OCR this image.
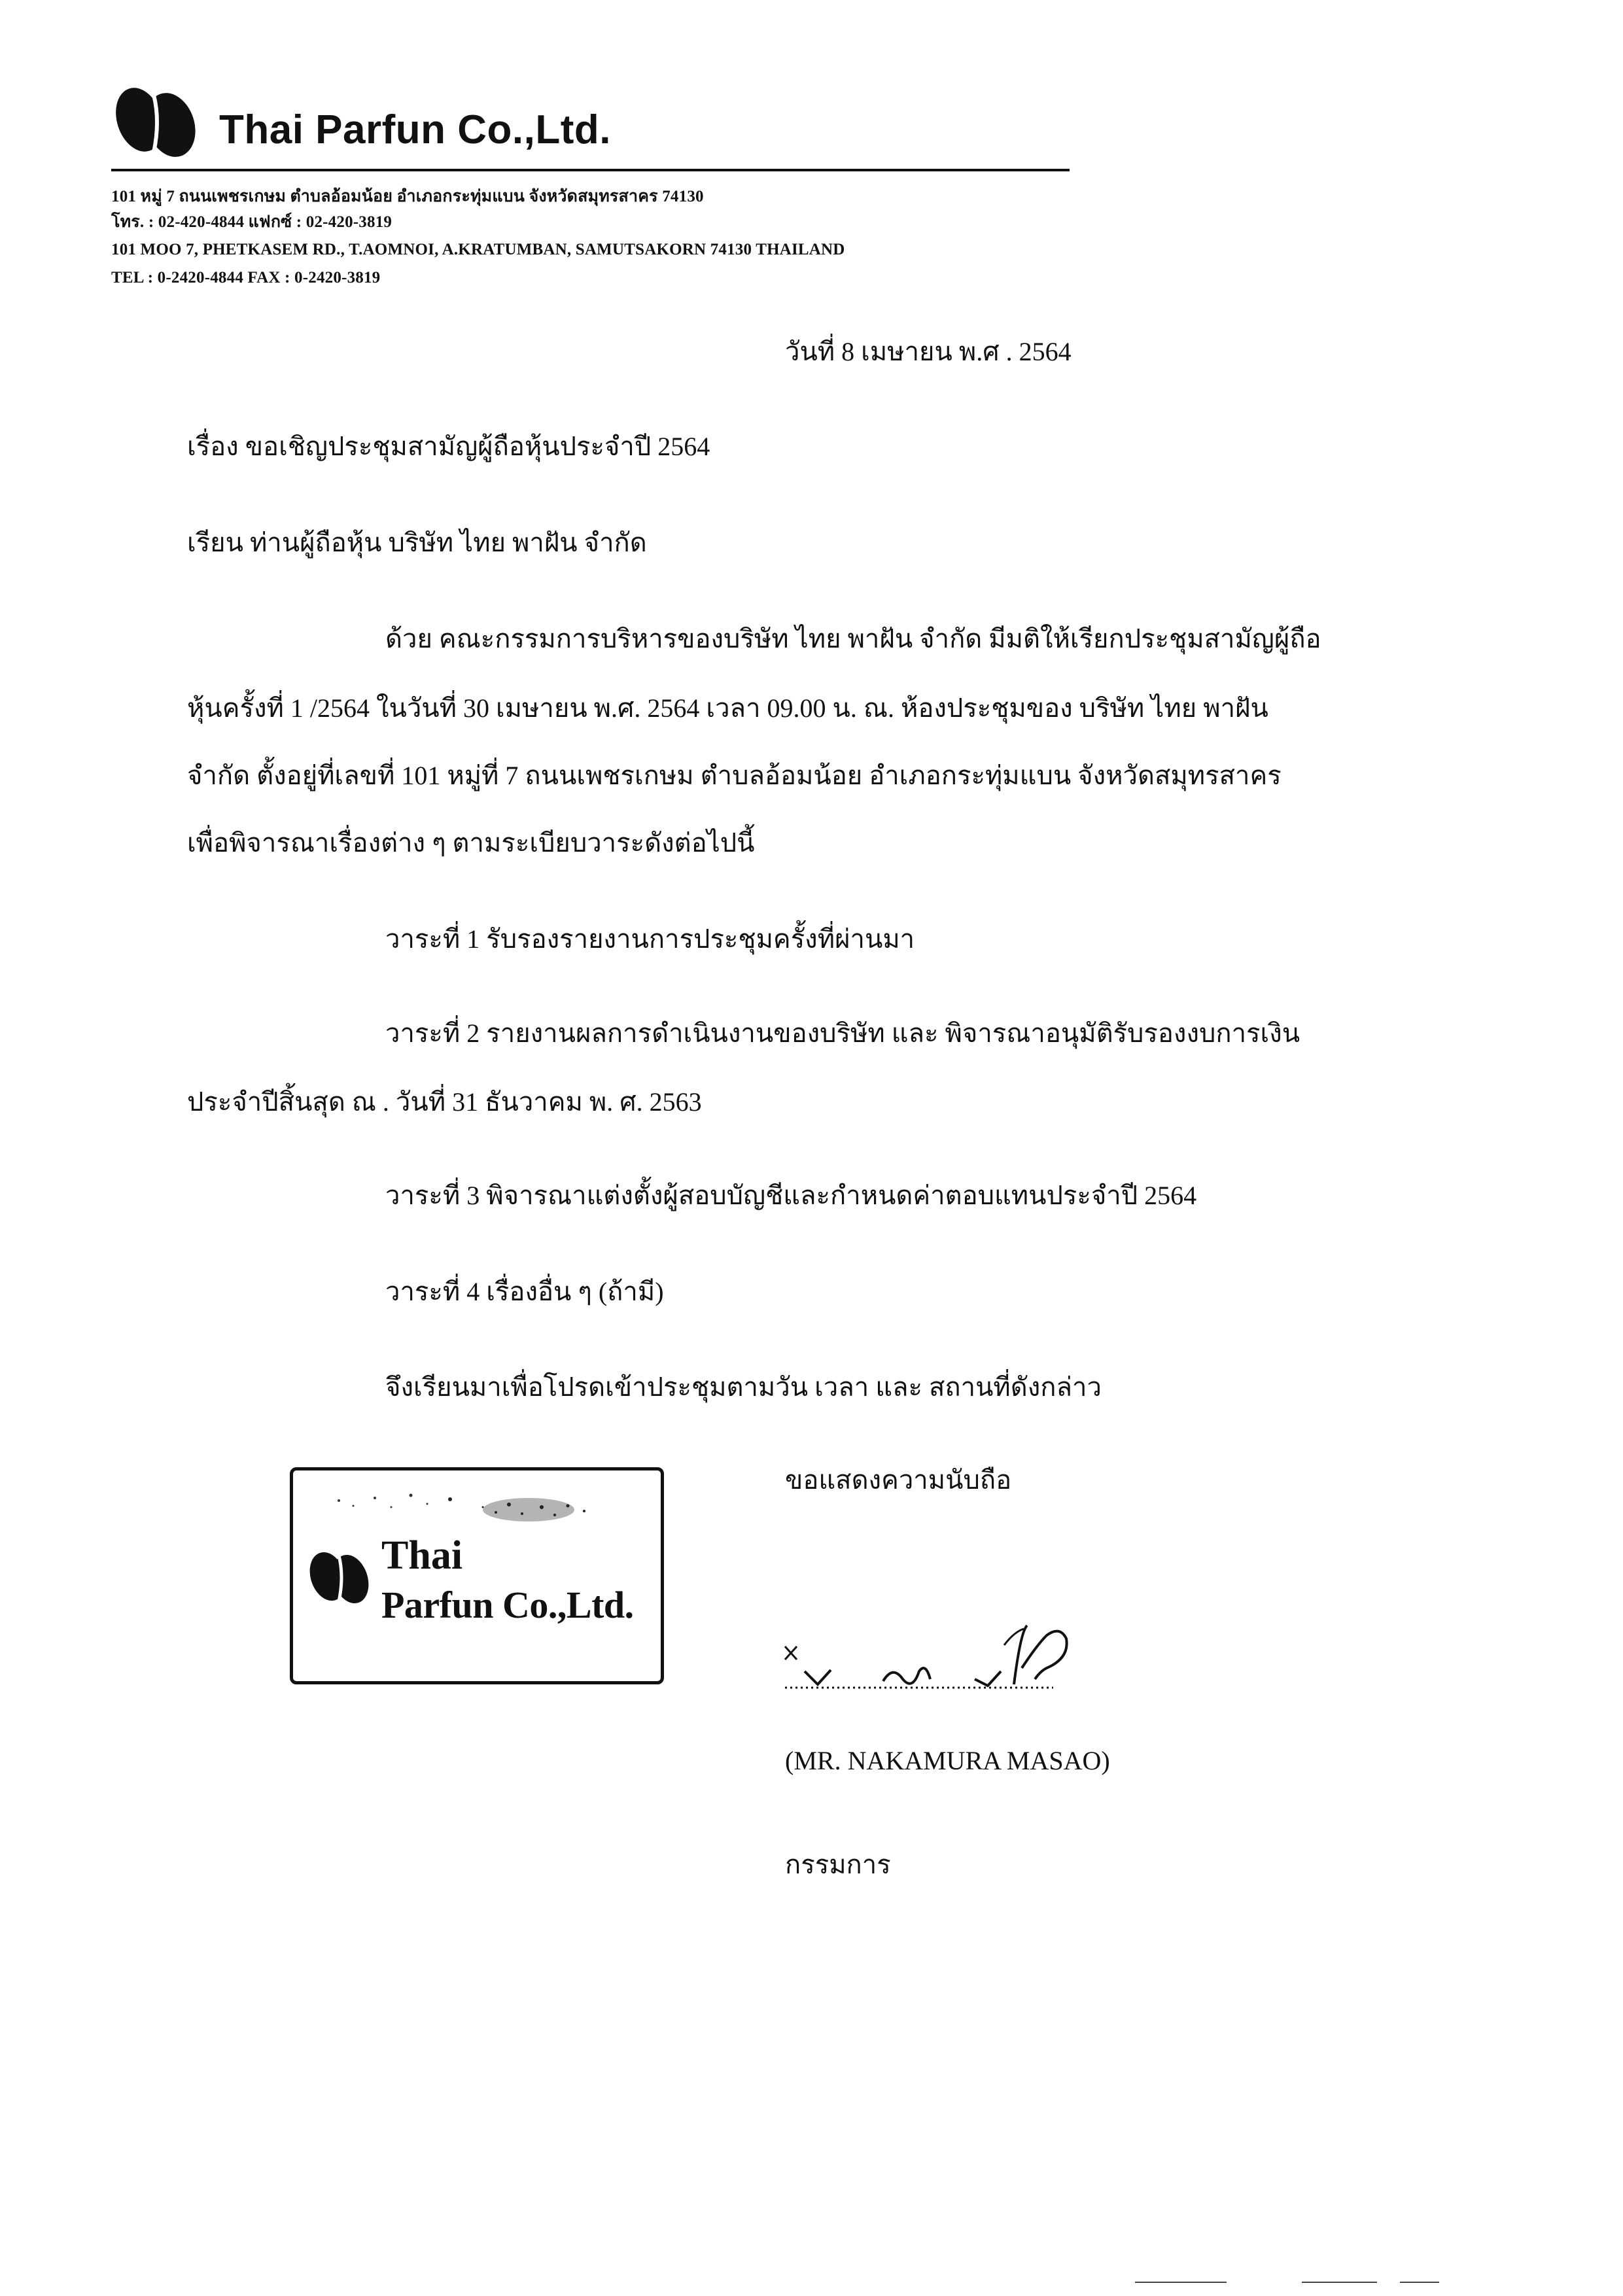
Thai Parfun Co.,Ltd.
101 หมู่ 7 ถนนเพชรเกษม ตำบลอ้อมน้อย อำเภอกระทุ่มแบน จังหวัดสมุทรสาคร 74130
โทร. : 02-420-4844 แฟกซ์ : 02-420-3819
101 MOO 7, PHETKASEM RD., T.AOMNOI, A.KRATUMBAN, SAMUTSAKORN 74130 THAILAND
TEL : 0-2420-4844 FAX : 0-2420-3819
วันที่ 8 เมษายน พ.ศ . 2564
เรื่อง ขอเชิญประชุมสามัญผู้ถือหุ้นประจำปี 2564
เรียน ท่านผู้ถือหุ้น บริษัท ไทย พาฝัน จำกัด
ด้วย คณะกรรมการบริหารของบริษัท ไทย พาฝัน จำกัด มีมติให้เรียกประชุมสามัญผู้ถือ
หุ้นครั้งที่ 1 /2564 ในวันที่ 30 เมษายน พ.ศ. 2564 เวลา 09.00 น. ณ. ห้องประชุมของ บริษัท ไทย พาฝัน
จำกัด ตั้งอยู่ที่เลขที่ 101 หมู่ที่ 7 ถนนเพชรเกษม ตำบลอ้อมน้อย อำเภอกระทุ่มแบน จังหวัดสมุทรสาคร
เพื่อพิจารณาเรื่องต่าง ๆ ตามระเบียบวาระดังต่อไปนี้
วาระที่ 1 รับรองรายงานการประชุมครั้งที่ผ่านมา
วาระที่ 2 รายงานผลการดำเนินงานของบริษัท และ พิจารณาอนุมัติรับรองงบการเงิน
ประจำปีสิ้นสุด ณ . วันที่ 31 ธันวาคม พ. ศ. 2563
วาระที่ 3 พิจารณาแต่งตั้งผู้สอบบัญชีและกำหนดค่าตอบแทนประจำปี 2564
วาระที่ 4 เรื่องอื่น ๆ (ถ้ามี)
จึงเรียนมาเพื่อโปรดเข้าประชุมตามวัน เวลา และ สถานที่ดังกล่าว
ขอแสดงความนับถือ
Thai
Parfun Co.,Ltd.
(MR. NAKAMURA MASAO)
กรรมการ
